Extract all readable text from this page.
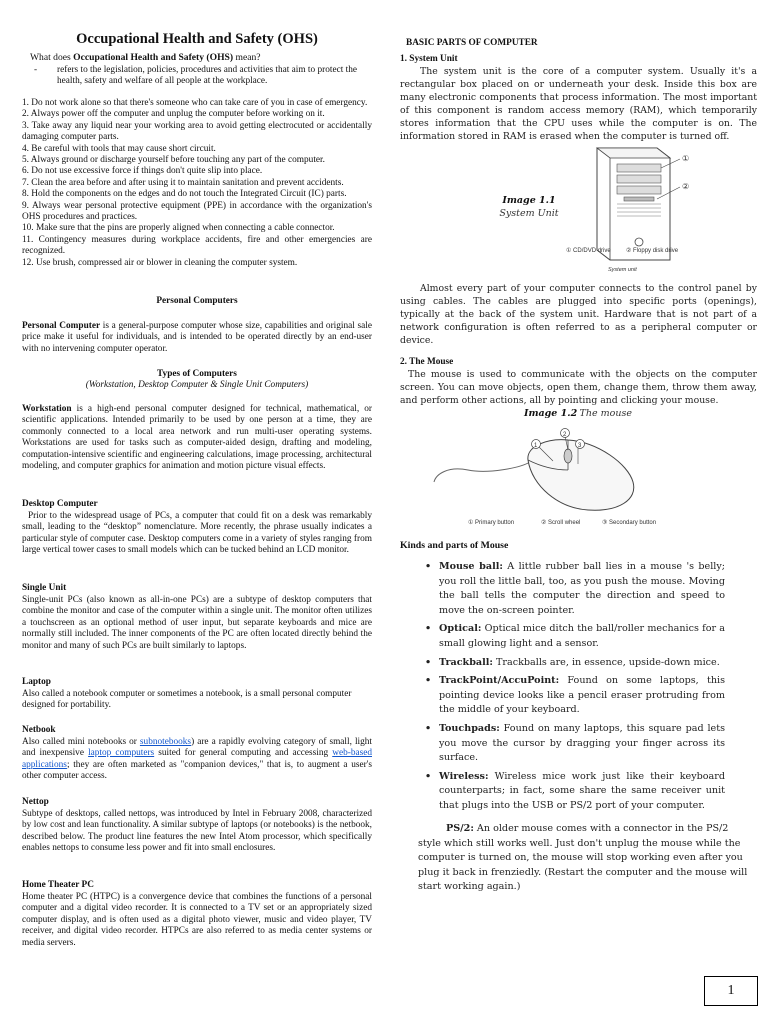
Occupational Health and Safety (OHS)
What does Occupational Health and Safety (OHS) mean?
- refers to the legislation, policies, procedures and activities that aim to protect the health, safety and welfare of all people at the workplace.
1. Do not work alone so that there's someone who can take care of you in case of emergency.
2. Always power off the computer and unplug the computer before working on it.
3. Take away any liquid near your working area to avoid getting electrocuted or accidentally damaging computer parts.
4. Be careful with tools that may cause short circuit.
5. Always ground or discharge yourself before touching any part of the computer.
6. Do not use excessive force if things don't quite slip into place.
7. Clean the area before and after using it to maintain sanitation and prevent accidents.
8. Hold the components on the edges and do not touch the Integrated Circuit (IC) parts.
9. Always wear personal protective equipment (PPE) in accordance with the organization's OHS procedures and practices.
10. Make sure that the pins are properly aligned when connecting a cable connector.
11. Contingency measures during workplace accidents, fire and other emergencies are recognized.
12. Use brush, compressed air or blower in cleaning the computer system.
Personal Computers
Personal Computer is a general-purpose computer whose size, capabilities and original sale price make it useful for individuals, and is intended to be operated directly by an end-user with no intervening computer operator.
Types of Computers
(Workstation, Desktop Computer & Single Unit Computers)
Workstation is a high-end personal computer designed for technical, mathematical, or scientific applications. Intended primarily to be used by one person at a time, they are commonly connected to a local area network and run multi-user operating systems. Workstations are used for tasks such as computer-aided design, drafting and modeling, computation-intensive scientific and engineering calculations, image processing, architectural modeling, and computer graphics for animation and motion picture visual effects.
Desktop Computer
Prior to the widespread usage of PCs, a computer that could fit on a desk was remarkably small, leading to the “desktop” nomenclature. More recently, the phrase usually indicates a particular style of computer case. Desktop computers come in a variety of styles ranging from large vertical tower cases to small models which can be tucked behind an LCD monitor.
Single Unit
Single-unit PCs (also known as all-in-one PCs) are a subtype of desktop computers that combine the monitor and case of the computer within a single unit. The monitor often utilizes a touchscreen as an optional method of user input, but separate keyboards and mice are normally still included. The inner components of the PC are often located directly behind the monitor and many of such PCs are built similarly to laptops.
Laptop
Also called a notebook computer or sometimes a notebook, is a small personal computer designed for portability.
Netbook
Also called mini notebooks or subnotebooks) are a rapidly evolving category of small, light and inexpensive laptop computers suited for general computing and accessing web-based applications; they are often marketed as "companion devices," that is, to augment a user's other computer access.
Nettop
Subtype of desktops, called nettops, was introduced by Intel in February 2008, characterized by low cost and lean functionality. A similar subtype of laptops (or notebooks) is the netbook, described below. The product line features the new Intel Atom processor, which specifically enables nettops to consume less power and fit into small enclosures.
Home Theater PC
Home theater PC (HTPC) is a convergence device that combines the functions of a personal computer and a digital video recorder. It is connected to a TV set or an appropriately sized computer display, and is often used as a digital photo viewer, music and video player, TV receiver, and digital video recorder. HTPCs are also referred to as media center systems or media servers.
BASIC PARTS OF COMPUTER
1. System Unit
The system unit is the core of a computer system. Usually it's a rectangular box placed on or underneath your desk. Inside this box are many electronic components that process information. The most important of this component is random access memory (RAM), which temporarily stores information that the CPU uses while the computer is on. The information stored in RAM is erased when the computer is turned off.
Image 1.1
System Unit
①
②
① CD/DVD drive	② Floppy disk drive
System unit
Almost every part of your computer connects to the control panel by using cables. The cables are plugged into specific ports (openings), typically at the back of the system unit. Hardware that is not part of a network configuration is often referred to as a peripheral computer or device.
2. The Mouse
The mouse is used to communicate with the objects on the computer screen. You can move objects, open them, change them, throw them away, and perform other actions, all by pointing and clicking your mouse.
Image 1.2 The mouse
1
2
3
① Primary button	② Scroll wheel	③ Secondary button
Kinds and parts of Mouse
• Mouse ball: A little rubber ball lies in a mouse 's belly; you roll the little ball, too, as you push the mouse. Moving the ball tells the computer the direction and speed to move the on-screen pointer.
• Optical: Optical mice ditch the ball/roller mechanics for a small glowing light and a sensor.
• Trackball: Trackballs are, in essence, upside-down mice.
• TrackPoint/AccuPoint: Found on some laptops, this pointing device looks like a pencil eraser protruding from the middle of your keyboard.
• Touchpads: Found on many laptops, this square pad lets you move the cursor by dragging your finger across its surface.
• Wireless: Wireless mice work just like their keyboard counterparts; in fact, some share the same receiver unit that plugs into the USB or PS/2 port of your computer.
PS/2: An older mouse comes with a connector in the PS/2 style which still works well. Just don't unplug the mouse while the computer is turned on, the mouse will stop working even after you plug it back in frenziedly. (Restart the computer and the mouse will start working again.)
1
